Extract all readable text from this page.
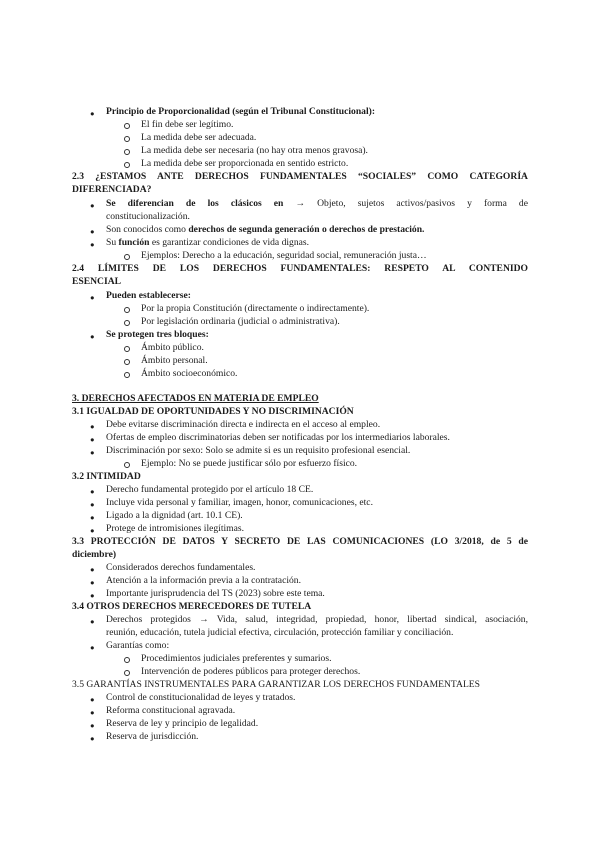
● Principio de Proporcionalidad (según el Tribunal Constitucional):
El fin debe ser legítimo.
La medida debe ser adecuada.
La medida debe ser necesaria (no hay otra menos gravosa).
La medida debe ser proporcionada en sentido estricto.
2.3 ¿ESTAMOS ANTE DERECHOS FUNDAMENTALES “SOCIALES” COMO CATEGORÍA
DIFERENCIADA?
● Se diferencian de los clásicos en → Objeto, sujetos activos/pasivos y forma de
constitucionalización.
● Son conocidos como derechos de segunda generación o derechos de prestación.
● Su función es garantizar condiciones de vida dignas.
Ejemplos: Derecho a la educación, seguridad social, remuneración justa…
2.4 LÍMITES DE LOS DERECHOS FUNDAMENTALES: RESPETO AL CONTENIDO
ESENCIAL
● Pueden establecerse:
Por la propia Constitución (directamente o indirectamente).
Por legislación ordinaria (judicial o administrativa).
● Se protegen tres bloques:
Ámbito público.
Ámbito personal.
Ámbito socioeconómico.
3. DERECHOS AFECTADOS EN MATERIA DE EMPLEO
3.1 IGUALDAD DE OPORTUNIDADES Y NO DISCRIMINACIÓN
● Debe evitarse discriminación directa e indirecta en el acceso al empleo.
● Ofertas de empleo discriminatorias deben ser notificadas por los intermediarios laborales.
● Discriminación por sexo: Solo se admite si es un requisito profesional esencial.
Ejemplo: No se puede justificar sólo por esfuerzo físico.
3.2 INTIMIDAD
● Derecho fundamental protegido por el artículo 18 CE.
● Incluye vida personal y familiar, imagen, honor, comunicaciones, etc.
● Ligado a la dignidad (art. 10.1 CE).
● Protege de intromisiones ilegítimas.
3.3 PROTECCIÓN DE DATOS Y SECRETO DE LAS COMUNICACIONES (LO 3/2018, de 5 de
diciembre)
● Considerados derechos fundamentales.
● Atención a la información previa a la contratación.
● Importante jurisprudencia del TS (2023) sobre este tema.
3.4 OTROS DERECHOS MERECEDORES DE TUTELA
● Derechos protegidos → Vida, salud, integridad, propiedad, honor, libertad sindical, asociación,
reunión, educación, tutela judicial efectiva, circulación, protección familiar y conciliación.
● Garantías como:
Procedimientos judiciales preferentes y sumarios.
Intervención de poderes públicos para proteger derechos.
3.5 GARANTÍAS INSTRUMENTALES PARA GARANTIZAR LOS DERECHOS FUNDAMENTALES
● Control de constitucionalidad de leyes y tratados.
● Reforma constitucional agravada.
● Reserva de ley y principio de legalidad.
● Reserva de jurisdicción.
